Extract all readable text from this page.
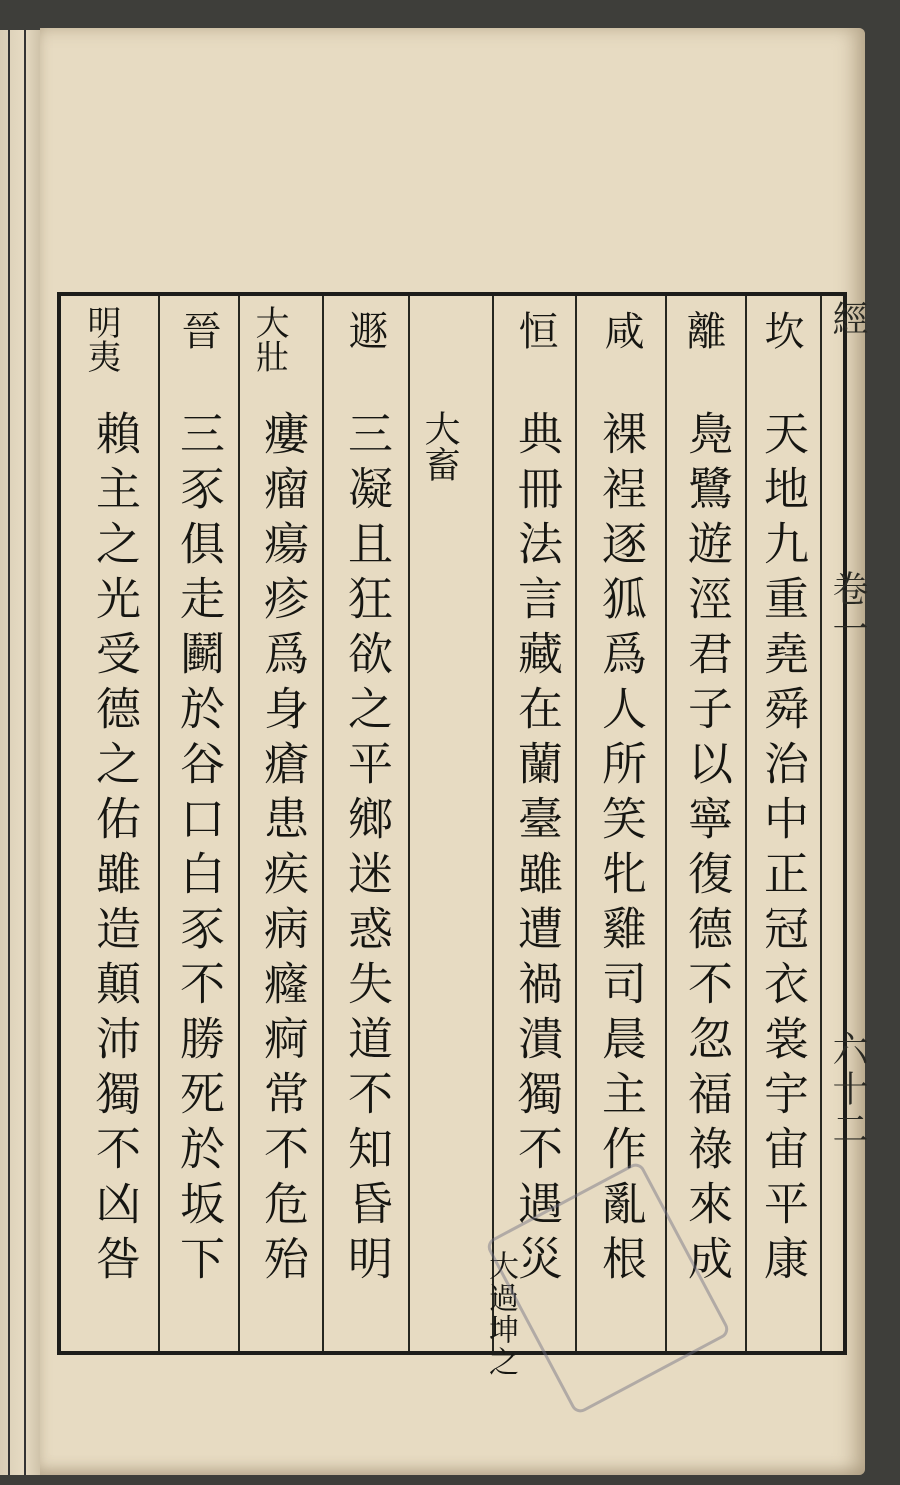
經
卷一
六十二
坎
天地九重堯舜治中正冠衣裳宇宙平康
離
鳧鷺遊涇君子以寧復德不忽福祿來成
咸
裸裎逐狐爲人所笑牝雞司晨主作亂根
恒
典冊法言藏在蘭臺雖遭禍潰獨不遇災
大過坤之
大畜
遯
三凝且狂欲之平鄉迷惑失道不知昏明
大壯
瘻瘤瘍疹爲身瘡患疾病癃痾常不危殆
晉
三豕俱走鬬於谷口白豕不勝死於坂下
明夷
賴主之光受德之佑雖造顛沛獨不凶咎
